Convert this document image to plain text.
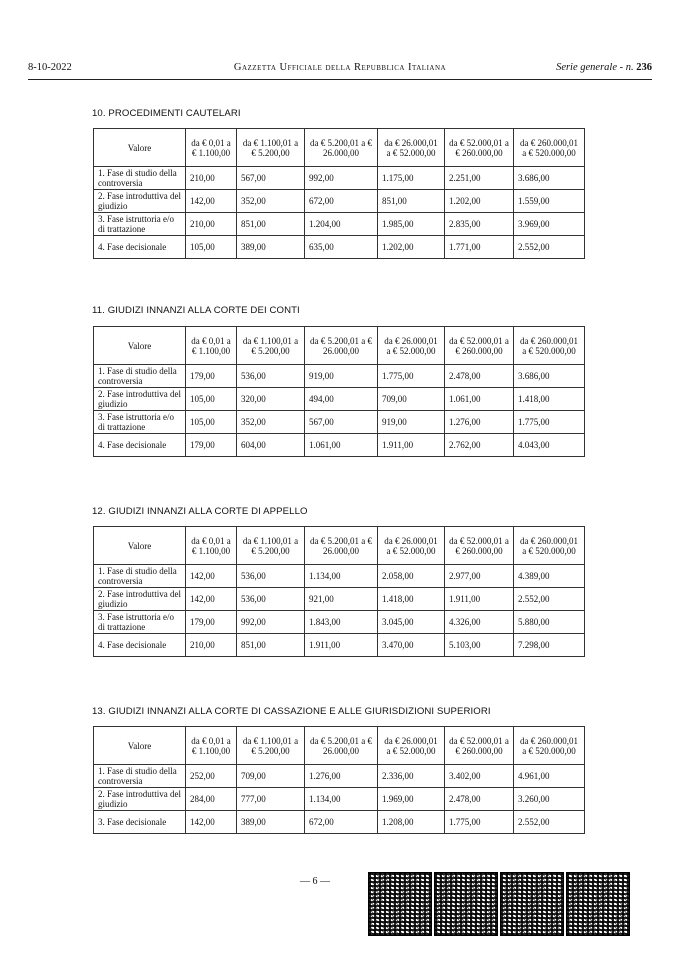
8-10-2022	Gazzetta Ufficiale della Repubblica Italiana	Serie generale - n. 236
10. PROCEDIMENTI CAUTELARI
Valore	da € 0,01 a € 1.100,00	da € 1.100,01 a € 5.200,00	da € 5.200,01 a € 26.000,00	da € 26.000,01 a € 52.000,00	da € 52.000,01 a € 260.000,00	da € 260.000,01 a € 520.000,00
1. Fase di studio della controversia	210,00	567,00	992,00	1.175,00	2.251,00	3.686,00
2. Fase introduttiva del giudizio	142,00	352,00	672,00	851,00	1.202,00	1.559,00
3. Fase istruttoria e/o di trattazione	210,00	851,00	1.204,00	1.985,00	2.835,00	3.969,00
4. Fase decisionale	105,00	389,00	635,00	1.202,00	1.771,00	2.552,00
11. GIUDIZI INNANZI ALLA CORTE DEI CONTI
Valore	da € 0,01 a € 1.100,00	da € 1.100,01 a € 5.200,00	da € 5.200,01 a € 26.000,00	da € 26.000,01 a € 52.000,00	da € 52.000,01 a € 260.000,00	da € 260.000,01 a € 520.000,00
1. Fase di studio della controversia	179,00	536,00	919,00	1.775,00	2.478,00	3.686,00
2. Fase introduttiva del giudizio	105,00	320,00	494,00	709,00	1.061,00	1.418,00
3. Fase istruttoria e/o di trattazione	105,00	352,00	567,00	919,00	1.276,00	1.775,00
4. Fase decisionale	179,00	604,00	1.061,00	1.911,00	2.762,00	4.043,00
12. GIUDIZI INNANZI ALLA CORTE DI APPELLO
Valore	da € 0,01 a € 1.100,00	da € 1.100,01 a € 5.200,00	da € 5.200,01 a € 26.000,00	da € 26.000,01 a € 52.000,00	da € 52.000,01 a € 260.000,00	da € 260.000,01 a € 520.000,00
1. Fase di studio della controversia	142,00	536,00	1.134,00	2.058,00	2.977,00	4.389,00
2. Fase introduttiva del giudizio	142,00	536,00	921,00	1.418,00	1.911,00	2.552,00
3. Fase istruttoria e/o di trattazione	179,00	992,00	1.843,00	3.045,00	4.326,00	5.880,00
4. Fase decisionale	210,00	851,00	1.911,00	3.470,00	5.103,00	7.298,00
13. GIUDIZI INNANZI ALLA CORTE DI CASSAZIONE E ALLE GIURISDIZIONI SUPERIORI
Valore	da € 0,01 a € 1.100,00	da € 1.100,01 a € 5.200,00	da € 5.200,01 a € 26.000,00	da € 26.000,01 a € 52.000,00	da € 52.000,01 a € 260.000,00	da € 260.000,01 a € 520.000,00
1. Fase di studio della controversia	252,00	709,00	1.276,00	2.336,00	3.402,00	4.961,00
2. Fase introduttiva del giudizio	284,00	777,00	1.134,00	1.969,00	2.478,00	3.260,00
3. Fase decisionale	142,00	389,00	672,00	1.208,00	1.775,00	2.552,00
— 6 —
